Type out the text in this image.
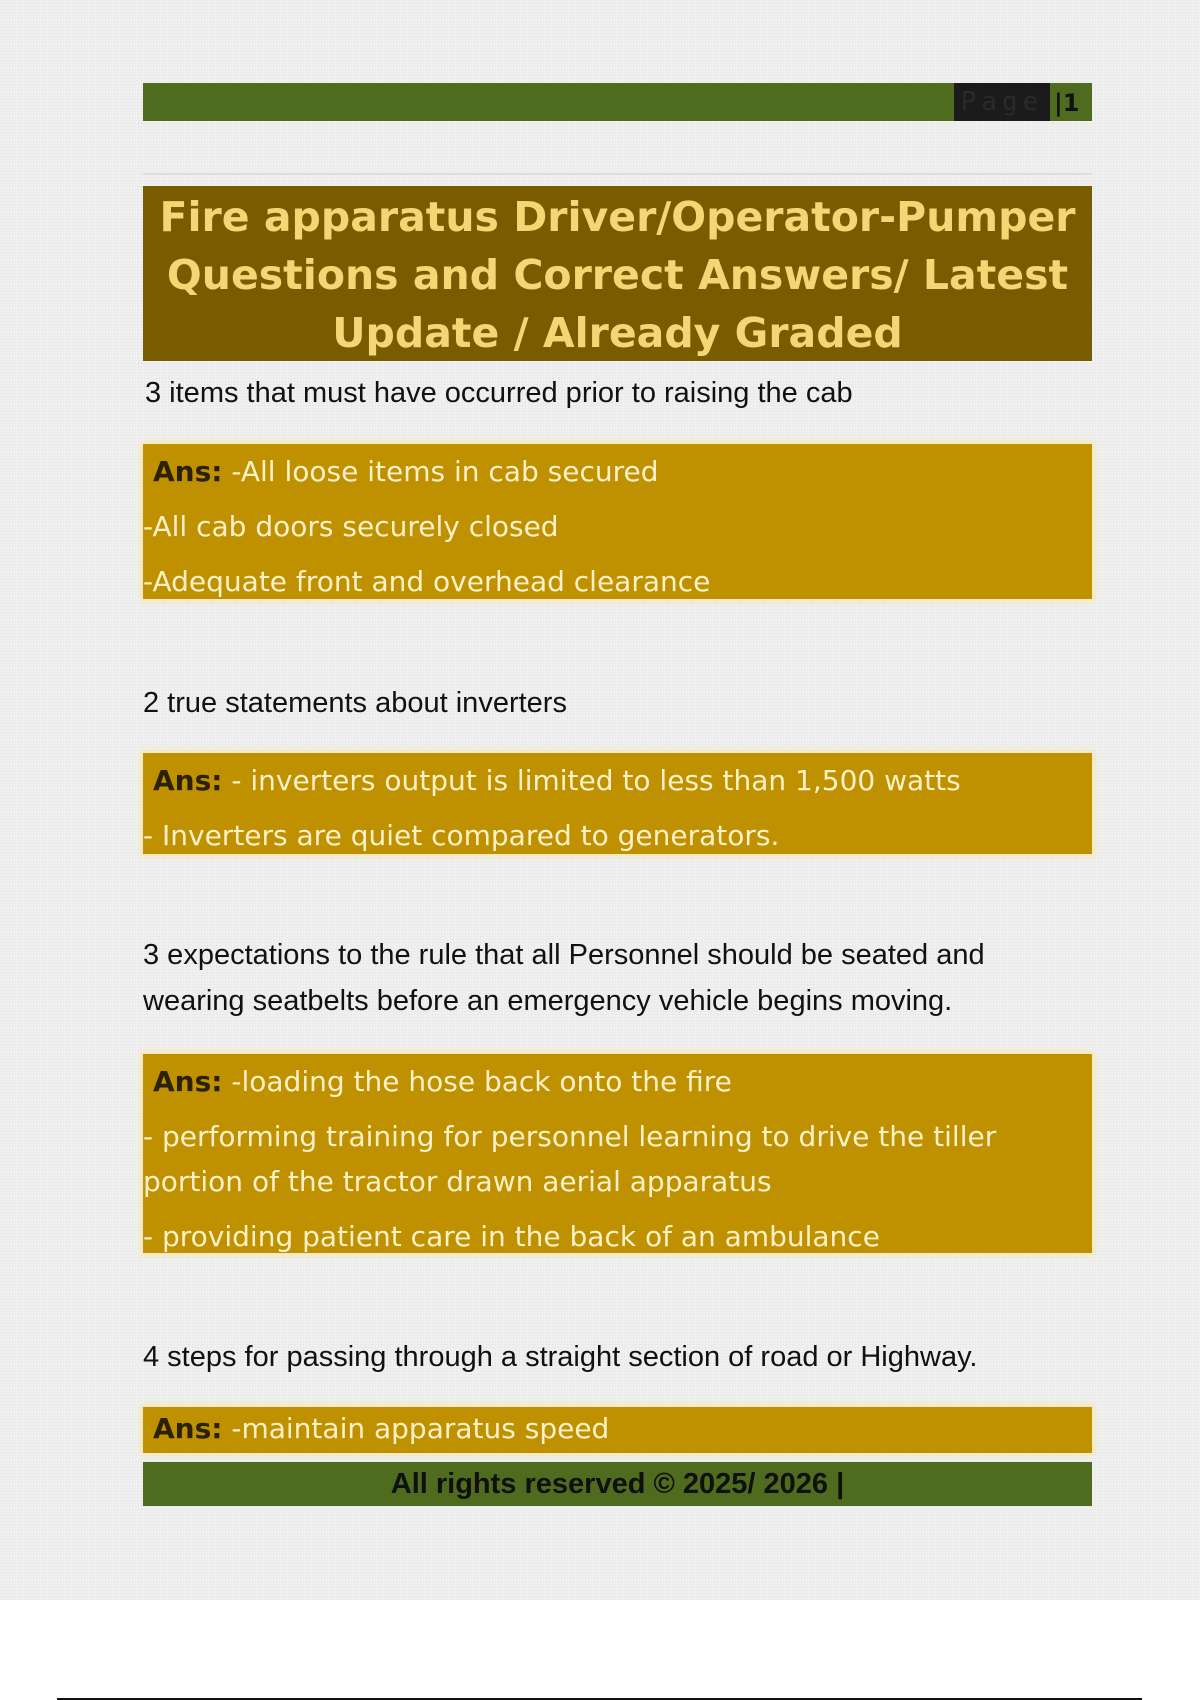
Page |1
Fire apparatus Driver/Operator-Pumper
Questions and Correct Answers/ Latest
Update / Already Graded
3 items that must have occurred prior to raising the cab
Ans: -All loose items in cab secured
-All cab doors securely closed
-Adequate front and overhead clearance
2 true statements about inverters
Ans: - inverters output is limited to less than 1,500 watts
- Inverters are quiet compared to generators.
3 expectations to the rule that all Personnel should be seated and wearing seatbelts before an emergency vehicle begins moving.
Ans: -loading the hose back onto the fire
- performing training for personnel learning to drive the tiller portion of the tractor drawn aerial apparatus
- providing patient care in the back of an ambulance
4 steps for passing through a straight section of road or Highway.
Ans: -maintain apparatus speed
All rights reserved © 2025/ 2026 |
